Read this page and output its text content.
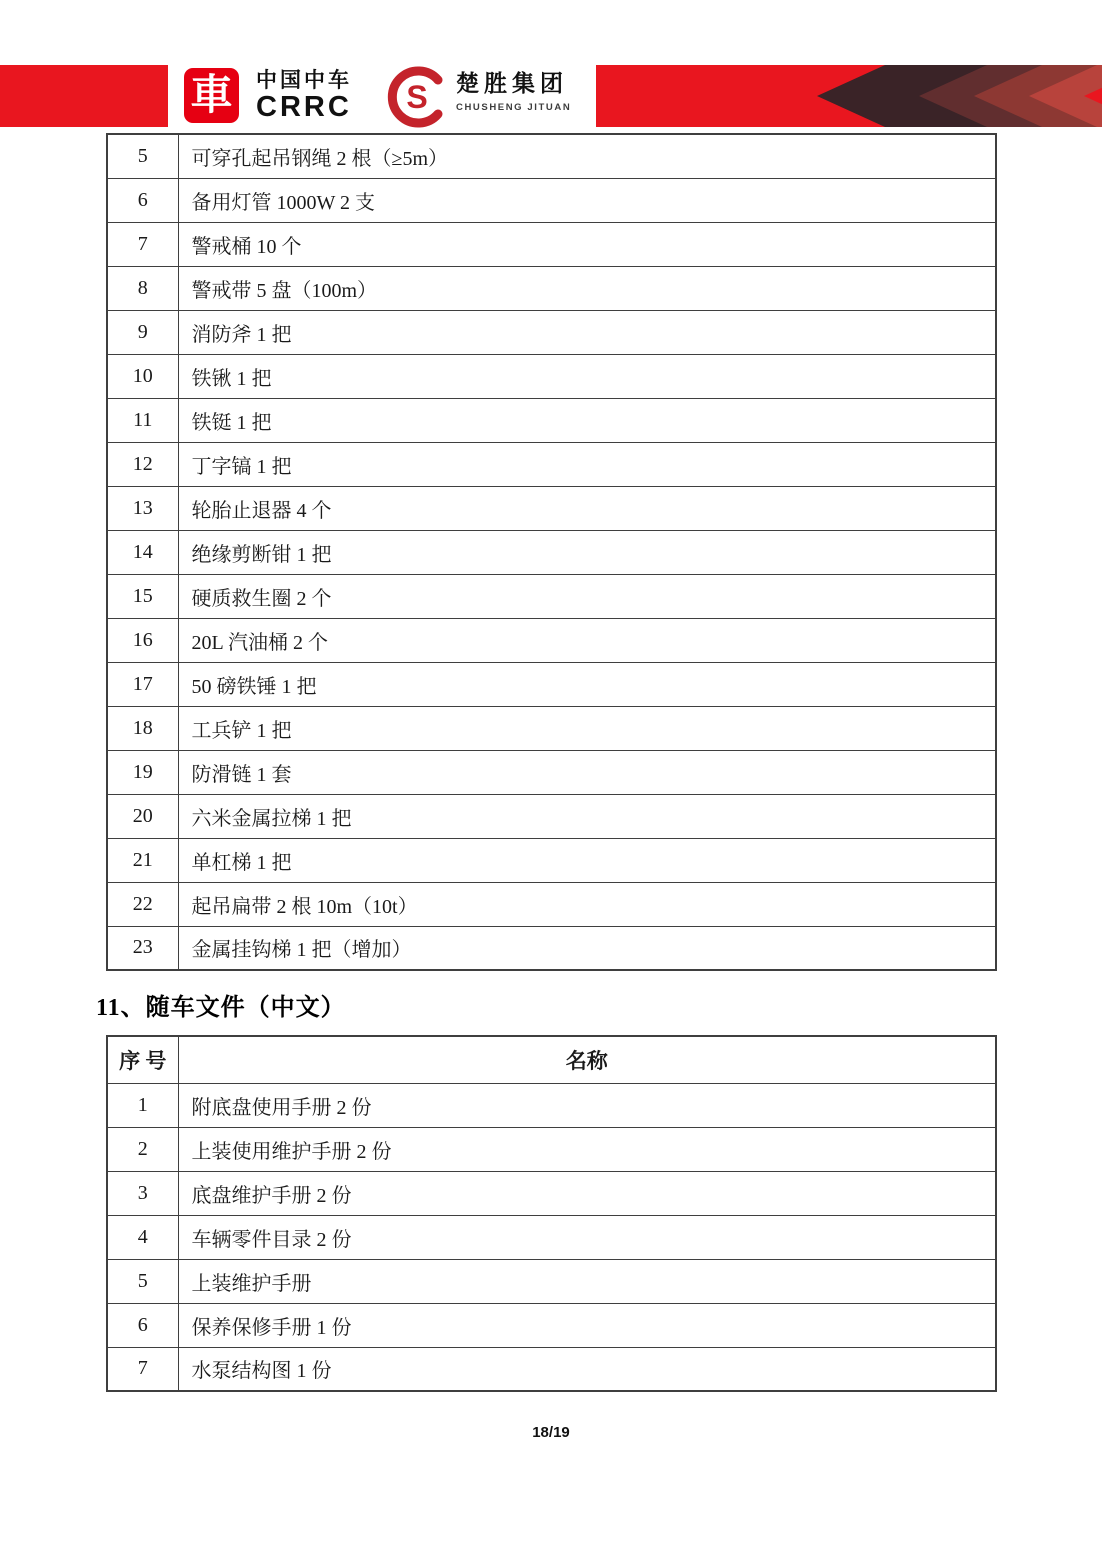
車 中国中车
CRRC S 楚胜集团
CHUSHENG JITUAN
5	可穿孔起吊钢绳 2 根（≥5m）
6	备用灯管 1000W 2 支
7	警戒桶 10 个
8	警戒带 5 盘（100m）
9	消防斧 1 把
10	铁锹 1 把
11	铁铤 1 把
12	丁字镐 1 把
13	轮胎止退器 4 个
14	绝缘剪断钳 1 把
15	硬质救生圈 2 个
16	20L 汽油桶 2 个
17	50 磅铁锤 1 把
18	工兵铲 1 把
19	防滑链 1 套
20	六米金属拉梯 1 把
21	单杠梯 1 把
22	起吊扁带 2 根 10m（10t）
23	金属挂钩梯 1 把（增加）
11、随车文件（中文）
序 号	名称
1	附底盘使用手册 2 份
2	上装使用维护手册 2 份
3	底盘维护手册 2 份
4	车辆零件目录 2 份
5	上装维护手册
6	保养保修手册 1 份
7	水泵结构图 1 份
18/19
